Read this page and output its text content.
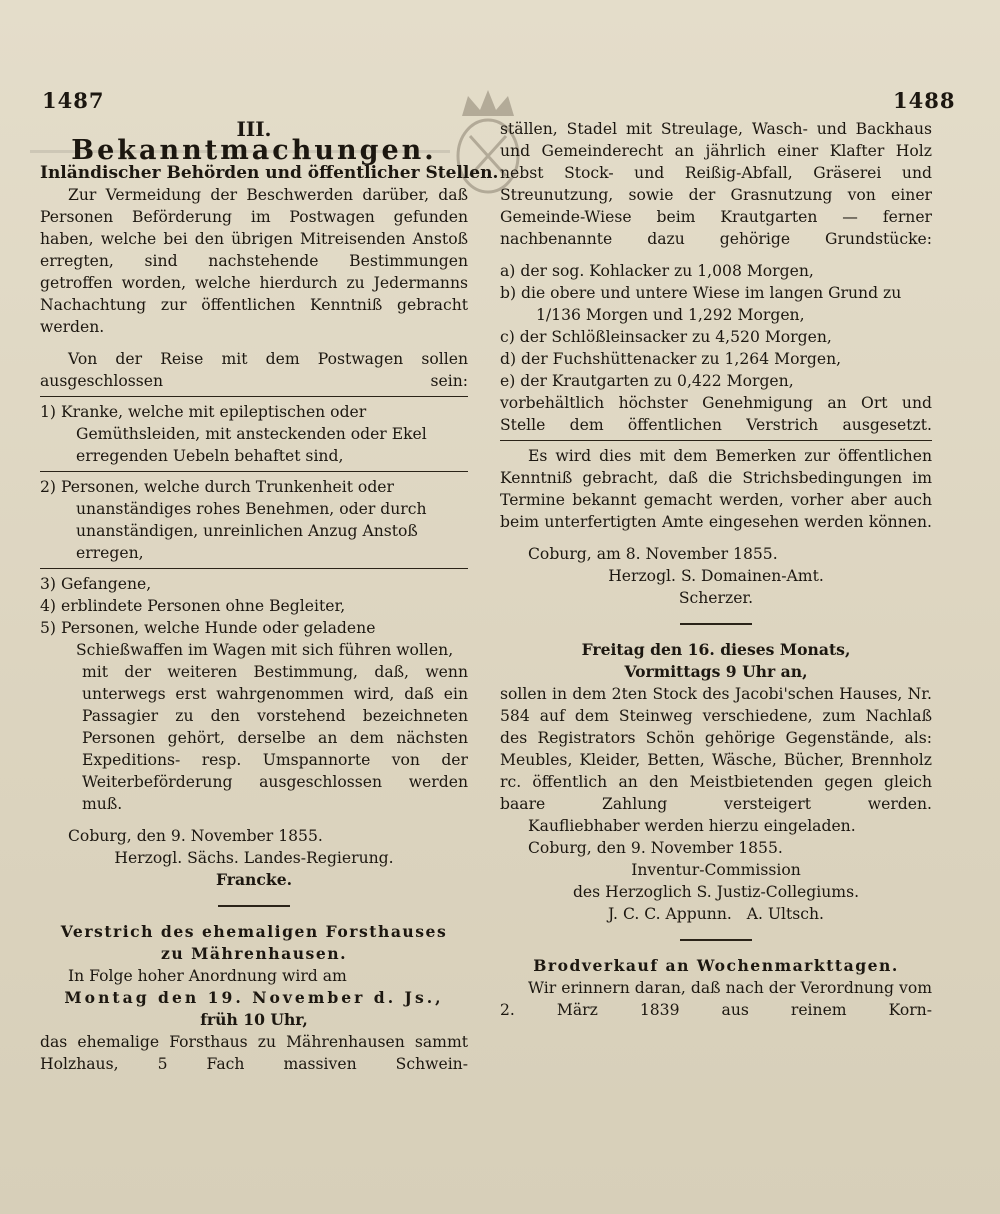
1487	1488

III.

Bekanntmachungen.

Inländischer Behörden und öffentlicher Stellen.

Zur Vermeidung der Beschwerden darüber, daß Personen Beförderung im Postwagen gefunden haben, welche bei den übrigen Mitreisenden Anstoß erregten, sind nachstehende Bestimmungen getroffen worden, welche hierdurch zu Jedermanns Nachachtung zur öffentlichen Kenntniß gebracht werden.

Von der Reise mit dem Postwagen sollen ausgeschlossen sein:

1) Kranke, welche mit epileptischen oder Gemüthsleiden, mit ansteckenden oder Ekel erregenden Uebeln behaftet sind,

2) Personen, welche durch Trunkenheit oder unanständiges rohes Benehmen, oder durch unanständigen, unreinlichen Anzug Anstoß erregen,

3) Gefangene,

4) erblindete Personen ohne Begleiter,

5) Personen, welche Hunde oder geladene Schießwaffen im Wagen mit sich führen wollen,

mit der weiteren Bestimmung, daß, wenn unterwegs erst wahrgenommen wird, daß ein Passagier zu den vorstehend bezeichneten Personen gehört, derselbe an dem nächsten Expeditions- resp. Umspannorte von der Weiterbeförderung ausgeschlossen werden muß.

Coburg, den 9. November 1855.

Herzogl. Sächs. Landes-Regierung.

Francke.

Verstrich des ehemaligen Forsthauses

zu Mährenhausen.

In Folge hoher Anordnung wird am

Montag den 19. November d. Js.,

früh 10 Uhr,

das ehemalige Forsthaus zu Mährenhausen sammt Holzhaus, 5 Fach massiven Schwein-

ställen, Stadel mit Streulage, Wasch- und Backhaus und Gemeinderecht an jährlich einer Klafter Holz nebst Stock- und Reißig-Abfall, Gräserei und Streunutzung, sowie der Grasnutzung von einer Gemeinde-Wiese beim Krautgarten — ferner nachbenannte dazu gehörige Grundstücke:

a) der sog. Kohlacker zu 1,008 Morgen,

b) die obere und untere Wiese im langen Grund zu 1/136 Morgen und 1,292 Morgen,

c) der Schlößleinsacker zu 4,520 Morgen,

d) der Fuchshüttenacker zu 1,264 Morgen,

e) der Krautgarten zu 0,422 Morgen,

vorbehältlich höchster Genehmigung an Ort und Stelle dem öffentlichen Verstrich ausgesetzt.

Es wird dies mit dem Bemerken zur öffentlichen Kenntniß gebracht, daß die Strichsbedingungen im Termine bekannt gemacht werden, vorher aber auch beim unterfertigten Amte eingesehen werden können.

Coburg, am 8. November 1855.

Herzogl. S. Domainen-Amt.

Scherzer.

Freitag den 16. dieses Monats,

Vormittags 9 Uhr an,

sollen in dem 2ten Stock des Jacobi'schen Hauses, Nr. 584 auf dem Steinweg verschiedene, zum Nachlaß des Registrators Schön gehörige Gegenstände, als: Meubles, Kleider, Betten, Wäsche, Bücher, Brennholz rc. öffentlich an den Meistbietenden gegen gleich baare Zahlung versteigert werden.

Kaufliebhaber werden hierzu eingeladen.

Coburg, den 9. November 1855.

Inventur-Commission

des Herzoglich S. Justiz-Collegiums.

J. C. C. Appunn.   A. Ultsch.

Brodverkauf an Wochenmarkttagen.

Wir erinnern daran, daß nach der Verordnung vom 2. März 1839 aus reinem Korn-
